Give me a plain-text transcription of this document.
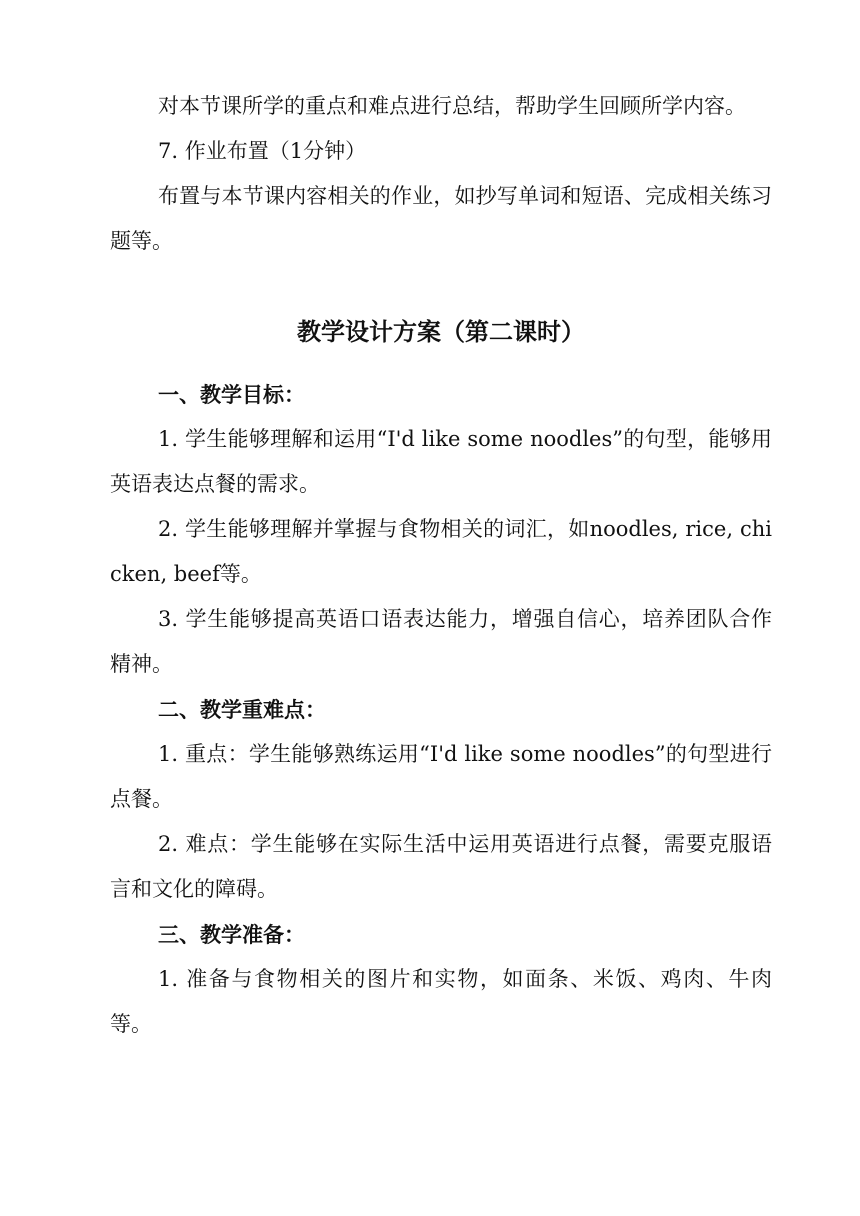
对本节课所学的重点和难点进行总结，帮助学生回顾所学内容。

7. 作业布置（1分钟）

布置与本节课内容相关的作业，如抄写单词和短语、完成相关练习题等。

教学设计方案（第二课时）

一、教学目标：

1. 学生能够理解和运用“I'd like some noodles”的句型，能够用英语表达点餐的需求。

2. 学生能够理解并掌握与食物相关的词汇，如noodles, rice, chicken, beef等。

3. 学生能够提高英语口语表达能力，增强自信心，培养团队合作精神。

二、教学重难点：

1. 重点：学生能够熟练运用“I'd like some noodles”的句型进行点餐。

2. 难点：学生能够在实际生活中运用英语进行点餐，需要克服语言和文化的障碍。

三、教学准备：

1. 准备与食物相关的图片和实物，如面条、米饭、鸡肉、牛肉等。
